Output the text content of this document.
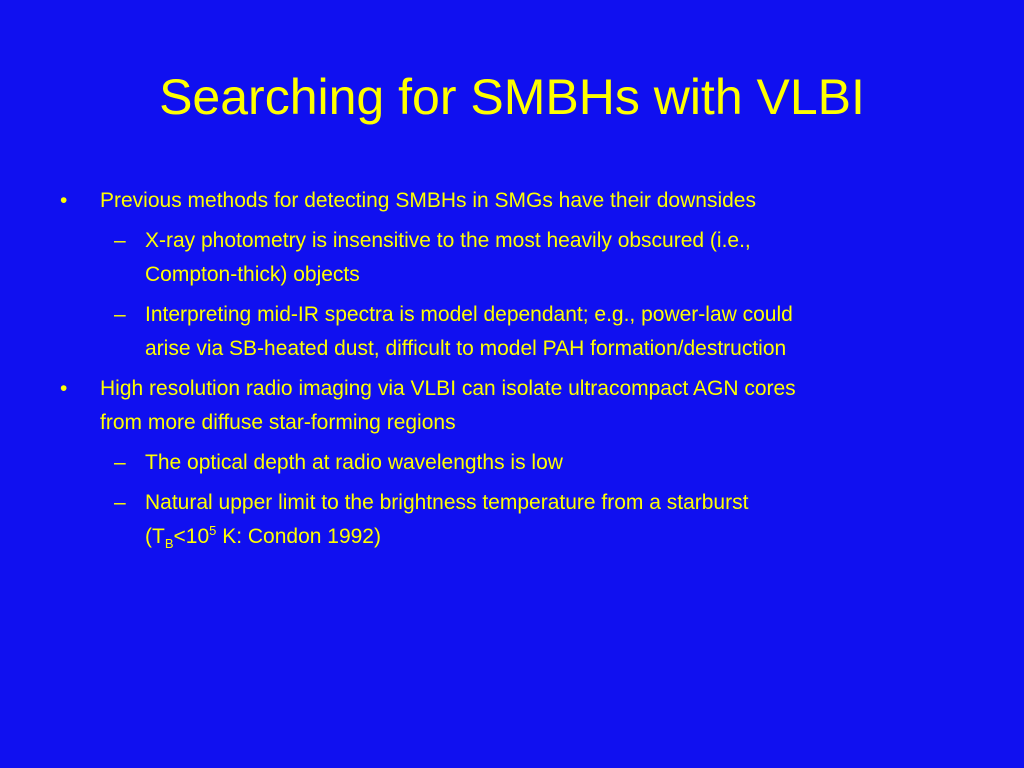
Searching for SMBHs with VLBI
• Previous methods for detecting SMBHs in SMGs have their downsides
– X-ray photometry is insensitive to the most heavily obscured (i.e.,
Compton-thick) objects
– Interpreting mid-IR spectra is model dependant; e.g., power-law could
arise via SB-heated dust, difficult to model PAH formation/destruction
• High resolution radio imaging via VLBI can isolate ultracompact AGN cores
from more diffuse star-forming regions
– The optical depth at radio wavelengths is low
– Natural upper limit to the brightness temperature from a starburst
($T_B<10^5$ K: Condon 1992)
